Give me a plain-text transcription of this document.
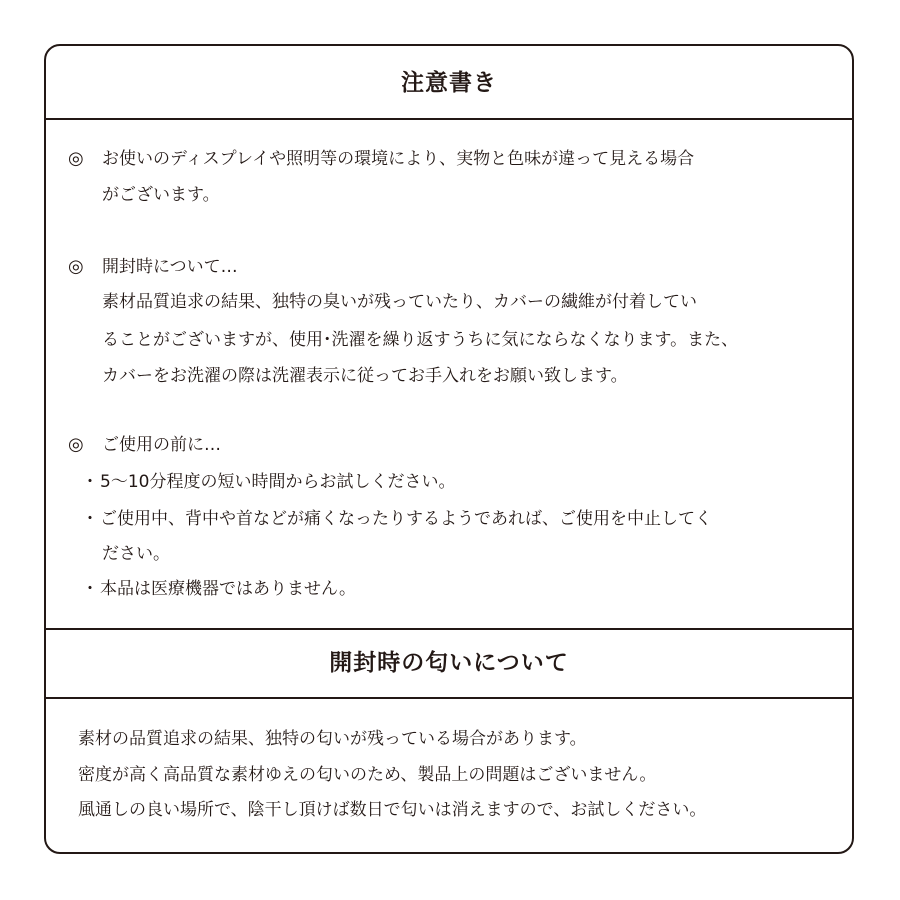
注意書き
◎ お使いのディスプレイや照明等の環境により、実物と色味が違って見える場合
がございます。
◎ 開封時について…
素材品質追求の結果、独特の臭いが残っていたり、カバーの繊維が付着してい
ることがございますが、使用･洗濯を繰り返すうちに気にならなくなります。また、
カバーをお洗濯の際は洗濯表示に従ってお手入れをお願い致します。
◎ ご使用の前に…
・5～10分程度の短い時間からお試しください。
・ご使用中、背中や首などが痛くなったりするようであれば、ご使用を中止してく
ださい。
・本品は医療機器ではありません。
開封時の匂いについて
素材の品質追求の結果、独特の匂いが残っている場合があります。
密度が高く高品質な素材ゆえの匂いのため、製品上の問題はございません。
風通しの良い場所で、陰干し頂けば数日で匂いは消えますので、お試しください。
